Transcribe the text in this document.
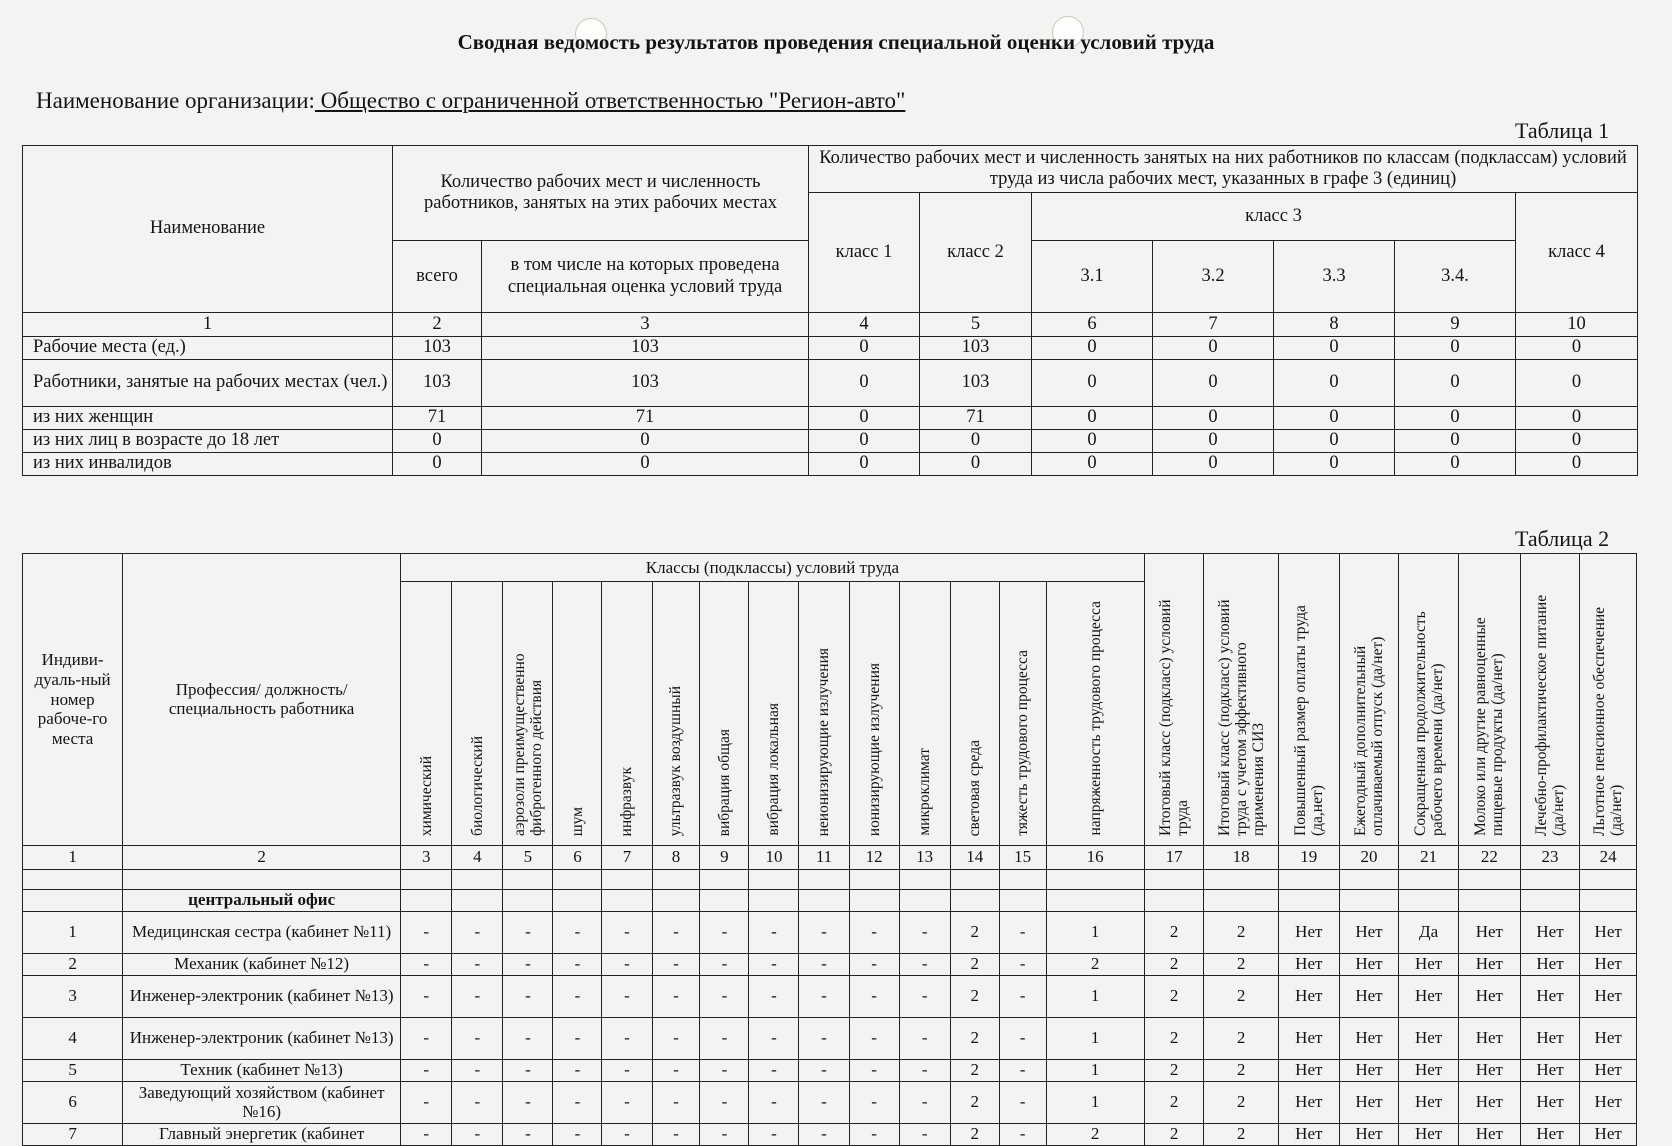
Сводная ведомость результатов проведения специальной оценки условий труда
Наименование организации: Общество с ограниченной ответственностью "Регион-авто"
Таблица 1
Наименование	Количество рабочих мест и численность работников, занятых на этих рабочих местах		Количество рабочих мест и численность занятых на них работников по классам (подклассам) условий труда из числа рабочих мест, указанных в графе 3 (единиц)						
			класс 1	класс 2	класс 3				класс 4
	всего	в том числе на которых проведена специальная оценка условий труда			3.1	3.2	3.3	3.4.	
1	2	3	4	5	6	7	8	9	10
Рабочие места (ед.)	103	103	0	103	0	0	0	0	0
Работники, занятые на рабочих местах (чел.)	103	103	0	103	0	0	0	0	0
из них женщин	71	71	0	71	0	0	0	0	0
из них лиц в возрасте до 18 лет	0	0	0	0	0	0	0	0	0
из них инвалидов	0	0	0	0	0	0	0	0	0
Таблица 2
Индиви-дуаль-ный номер рабоче-го места	Профессия/ должность/ специальность работника	Классы (подклассы) условий труда														Итоговый класс (подкласс) условий труда	Итоговый класс (подкласс) условий труда с учетом эффективного применения СИЗ	Повышенный размер оплаты труда (да,нет)	Ежегодный дополнительный оплачиваемый отпуск (да/нет)	Сокращенная продолжительность рабочего времени (да/нет)	Молоко или другие равноценные пищевые продукты (да/нет)	Лечебно-профилактическое питание (да/нет)	Льготное пенсионное обеспечение (да/нет)
		химический	биологический	аэрозоли преимущественно фиброгенного действия	шум	инфразвук	ультразвук воздушный	вибрация общая	вибрация локальная	неионизирующие излучения	ионизирующие излучения	микроклимат	световая среда	тяжесть трудового процесса	напряженность трудового процесса								
1	2	3	4	5	6	7	8	9	10	11	12	13	14	15	16	17	18	19	20	21	22	23	24

	центральный офис																						
1	Медицинская сестра (кабинет №11)	-	-	-	-	-	-	-	-	-	-	-	2	-	1	2	2	Нет	Нет	Да	Нет	Нет	Нет
2	Механик (кабинет №12)	-	-	-	-	-	-	-	-	-	-	-	2	-	2	2	2	Нет	Нет	Нет	Нет	Нет	Нет
3	Инженер-электроник (кабинет №13)	-	-	-	-	-	-	-	-	-	-	-	2	-	1	2	2	Нет	Нет	Нет	Нет	Нет	Нет
4	Инженер-электроник (кабинет №13)	-	-	-	-	-	-	-	-	-	-	-	2	-	1	2	2	Нет	Нет	Нет	Нет	Нет	Нет
5	Техник (кабинет №13)	-	-	-	-	-	-	-	-	-	-	-	2	-	1	2	2	Нет	Нет	Нет	Нет	Нет	Нет
6	Заведующий хозяйством (кабинет №16)	-	-	-	-	-	-	-	-	-	-	-	2	-	1	2	2	Нет	Нет	Нет	Нет	Нет	Нет
7	Главный энергетик (кабинет	-	-	-	-	-	-	-	-	-	-	-	2	-	2	2	2	Нет	Нет	Нет	Нет	Нет	Нет
